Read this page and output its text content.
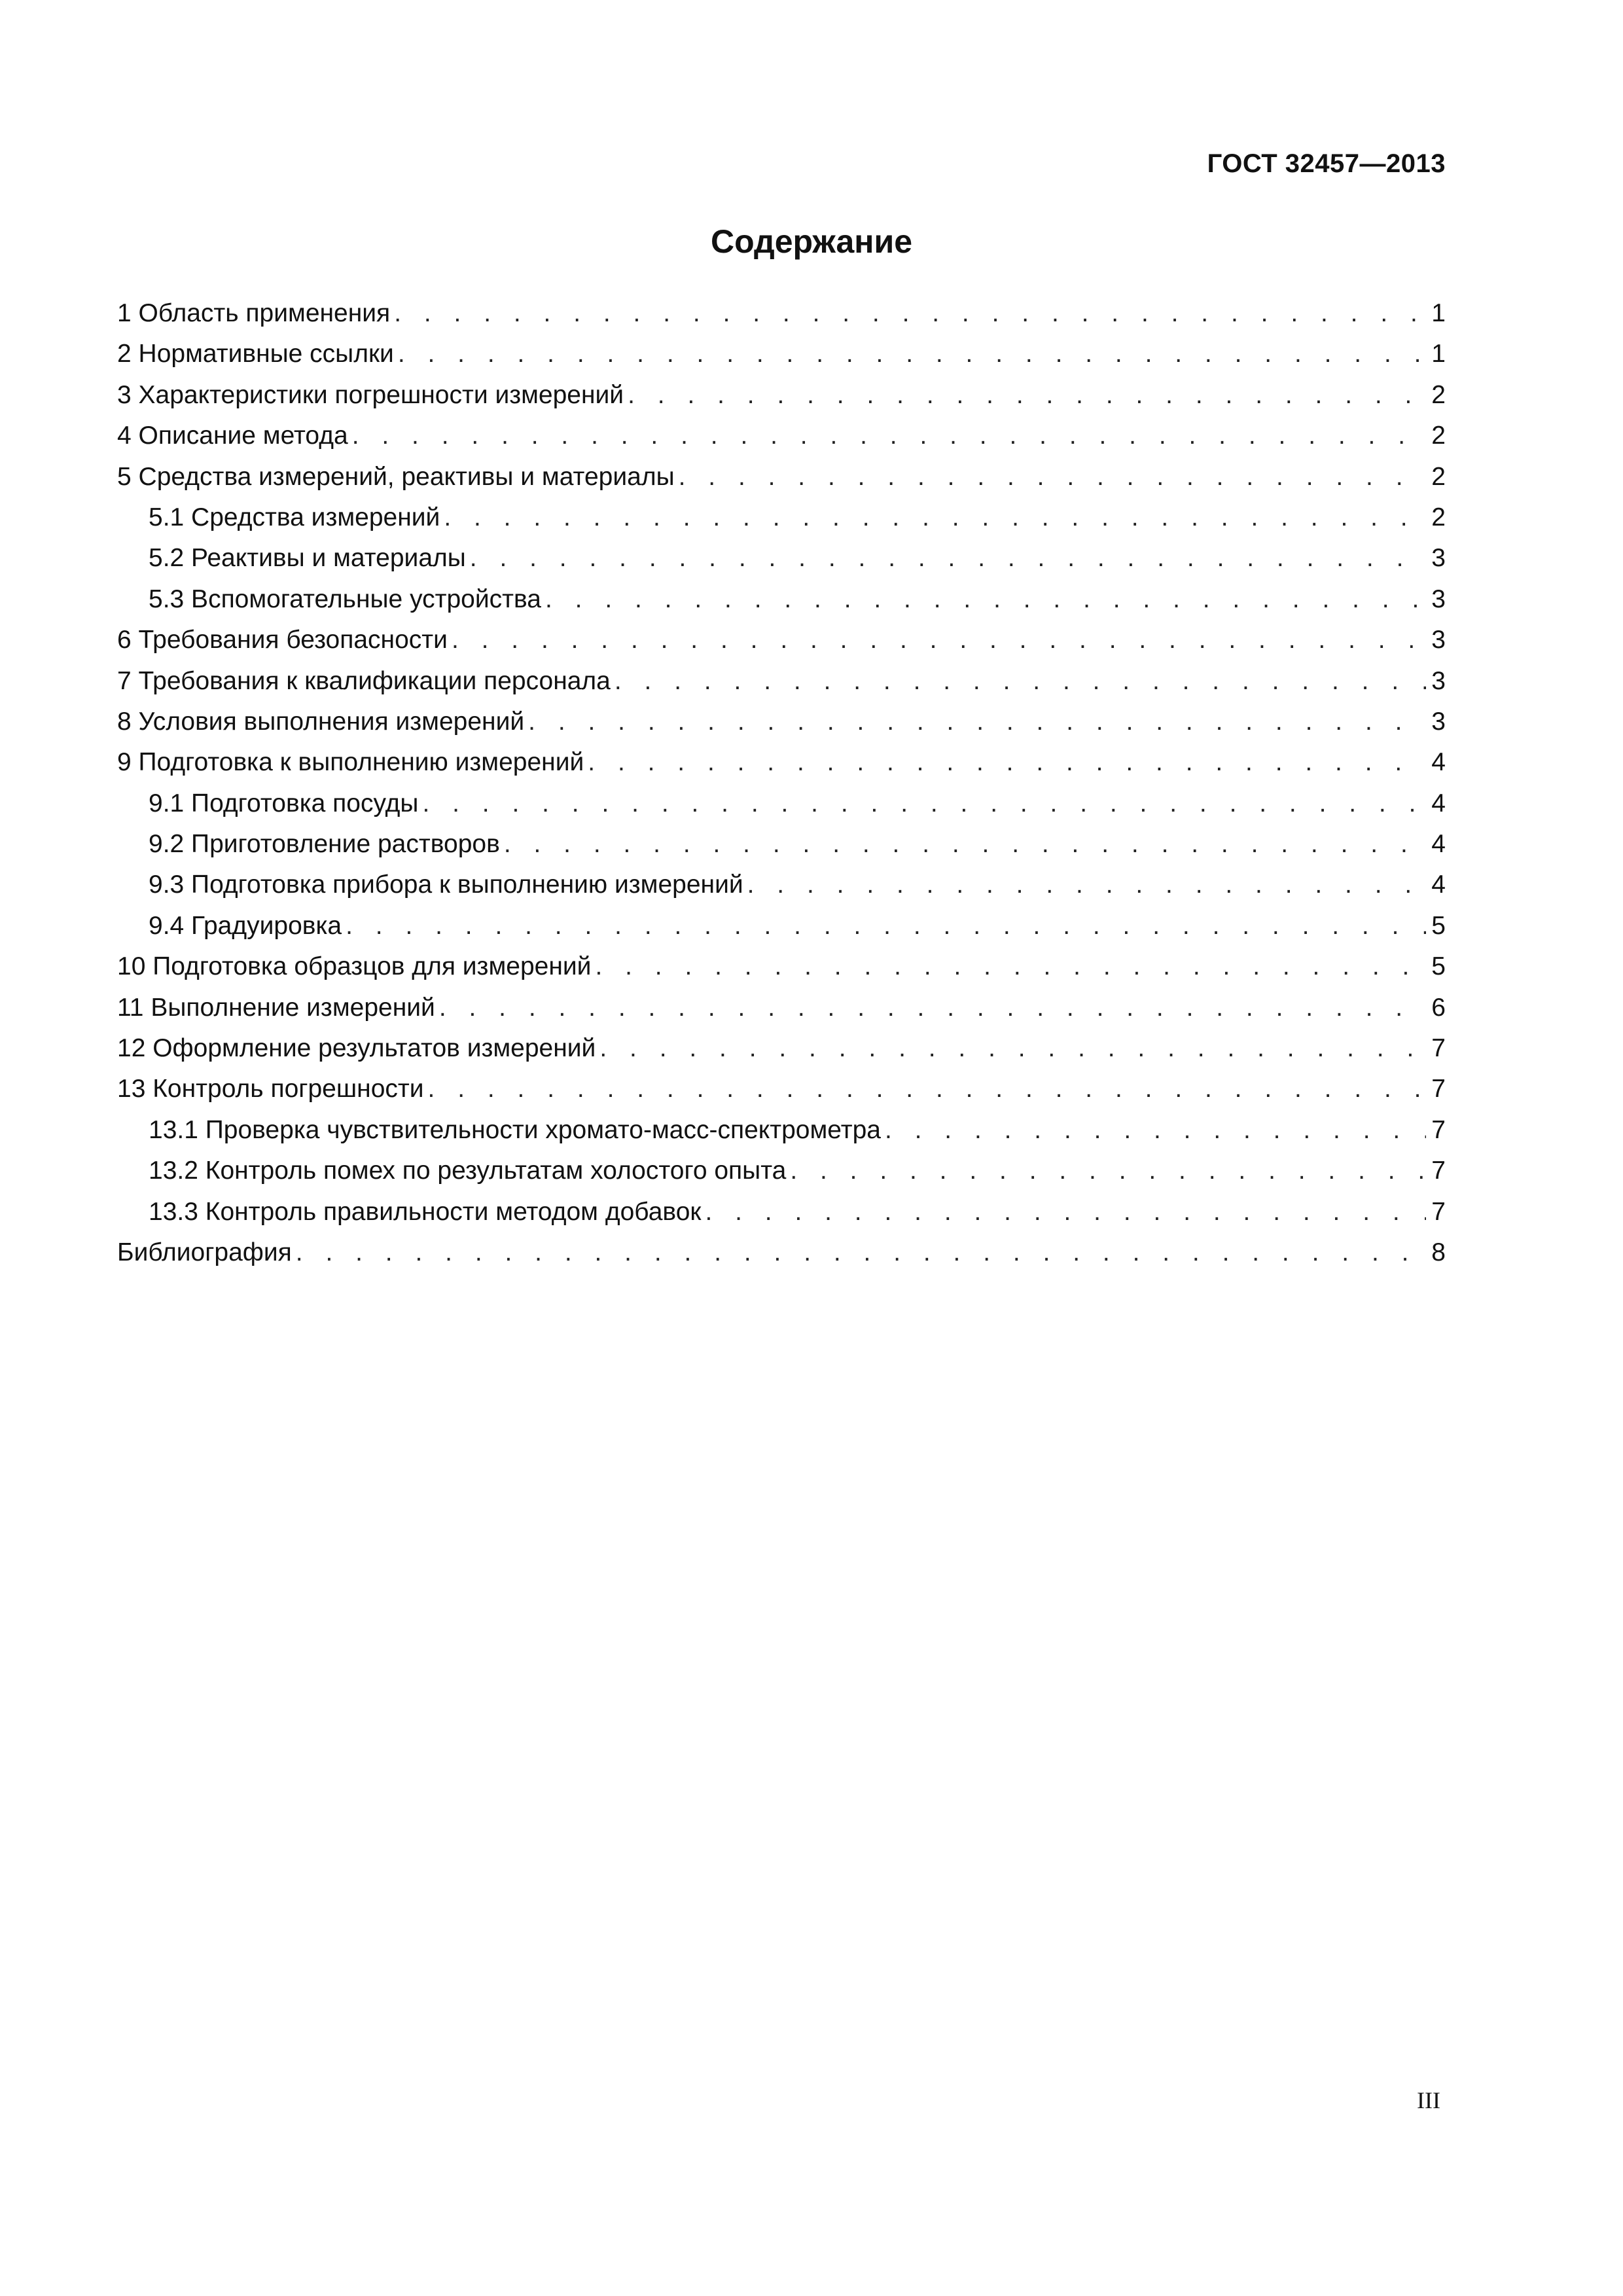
ГОСТ 32457—2013
Содержание
1 Область применения . . .	1
2 Нормативные ссылки . . .	1
3 Характеристики погрешности измерений . . .	2
4 Описание метода . . .	2
5 Средства измерений, реактивы и материалы . . .	2
5.1 Средства измерений . . .	2
5.2 Реактивы и материалы . . .	3
5.3 Вспомогательные устройства . . .	3
6 Требования безопасности . . .	3
7 Требования к квалификации персонала . . .	3
8 Условия выполнения измерений . . .	3
9 Подготовка к выполнению измерений . . .	4
9.1 Подготовка посуды . . .	4
9.2 Приготовление растворов . . .	4
9.3 Подготовка прибора к выполнению измерений . . .	4
9.4 Градуировка . . .	5
10 Подготовка образцов для измерений . . .	5
11 Выполнение измерений . . .	6
12 Оформление результатов измерений . . .	7
13 Контроль погрешности . . .	7
13.1 Проверка чувствительности хромато-масс-спектрометра . . .	7
13.2 Контроль помех по результатам холостого опыта . . .	7
13.3 Контроль правильности методом добавок . . .	7
Библиография . . .	8
III
